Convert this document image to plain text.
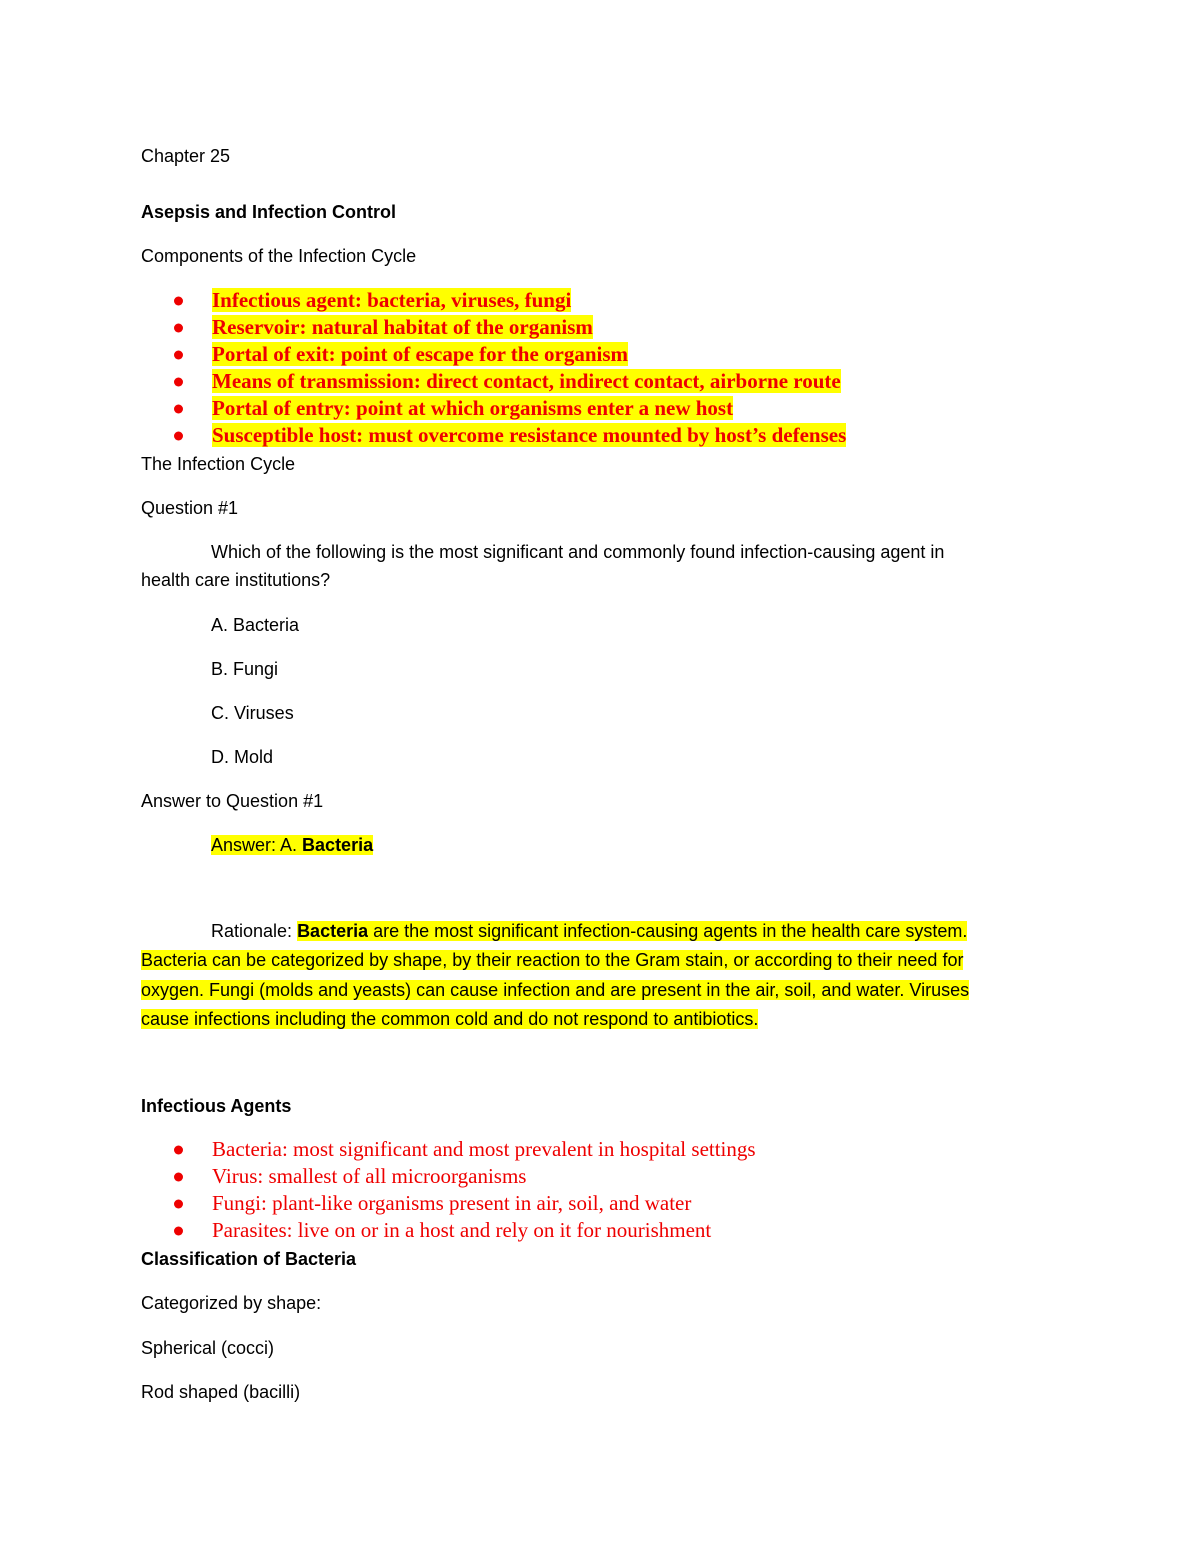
Chapter 25
Asepsis and Infection Control
Components of the Infection Cycle
Infectious agent: bacteria, viruses, fungi
Reservoir: natural habitat of the organism
Portal of exit: point of escape for the organism
Means of transmission: direct contact, indirect contact, airborne route
Portal of entry: point at which organisms enter a new host
Susceptible host: must overcome resistance mounted by host’s defenses
The Infection Cycle
Question #1
Which of the following is the most significant and commonly found infection-causing agent in
health care institutions?
A. Bacteria
B. Fungi
C. Viruses
D. Mold
Answer to Question #1
Answer: A. Bacteria
Rationale: Bacteria are the most significant infection-causing agents in the health care system.
Bacteria can be categorized by shape, by their reaction to the Gram stain, or according to their need for
oxygen. Fungi (molds and yeasts) can cause infection and are present in the air, soil, and water. Viruses
cause infections including the common cold and do not respond to antibiotics.
Infectious Agents
Bacteria: most significant and most prevalent in hospital settings
Virus: smallest of all microorganisms
Fungi: plant-like organisms present in air, soil, and water
Parasites: live on or in a host and rely on it for nourishment
Classification of Bacteria
Categorized by shape:
Spherical (cocci)
Rod shaped (bacilli)
